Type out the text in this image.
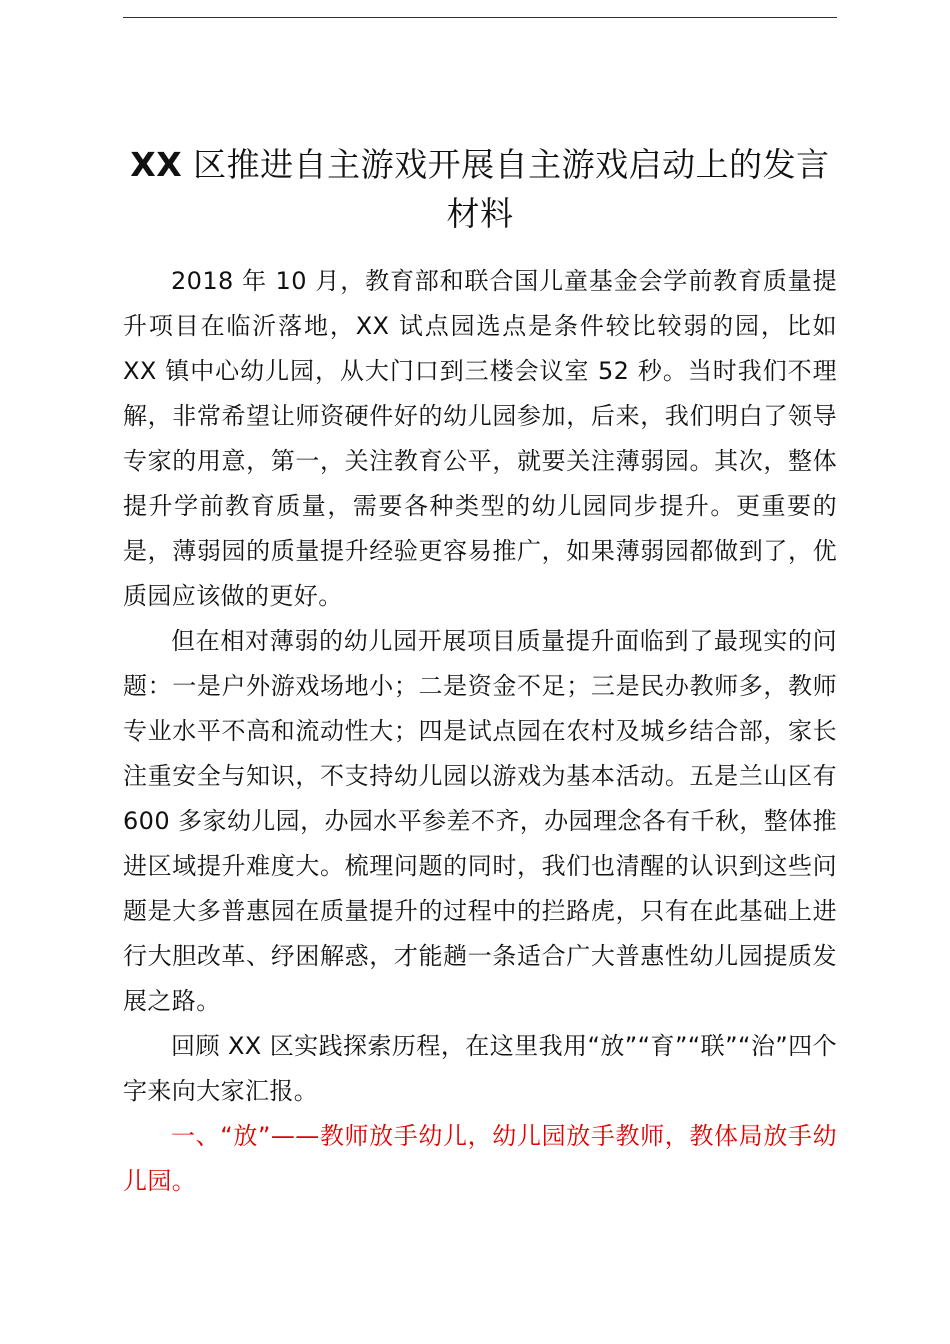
XX 区推进自主游戏开展自主游戏启动上的发言材料

2018 年 10 月，教育部和联合国儿童基金会学前教育质量提升项目在临沂落地，XX 试点园选点是条件较比较弱的园，比如 XX 镇中心幼儿园，从大门口到三楼会议室 52 秒。当时我们不理解，非常希望让师资硬件好的幼儿园参加，后来，我们明白了领导专家的用意，第一，关注教育公平，就要关注薄弱园。其次，整体提升学前教育质量，需要各种类型的幼儿园同步提升。更重要的是，薄弱园的质量提升经验更容易推广，如果薄弱园都做到了，优质园应该做的更好。

但在相对薄弱的幼儿园开展项目质量提升面临到了最现实的问题：一是户外游戏场地小；二是资金不足；三是民办教师多，教师专业水平不高和流动性大；四是试点园在农村及城乡结合部，家长注重安全与知识，不支持幼儿园以游戏为基本活动。五是兰山区有 600 多家幼儿园，办园水平参差不齐，办园理念各有千秋，整体推进区域提升难度大。梳理问题的同时，我们也清醒的认识到这些问题是大多普惠园在质量提升的过程中的拦路虎，只有在此基础上进行大胆改革、纾困解惑，才能趟一条适合广大普惠性幼儿园提质发展之路。

回顾 XX 区实践探索历程，在这里我用“放”“育”“联”“治”四个字来向大家汇报。

一、“放”——教师放手幼儿，幼儿园放手教师，教体局放手幼儿园。
